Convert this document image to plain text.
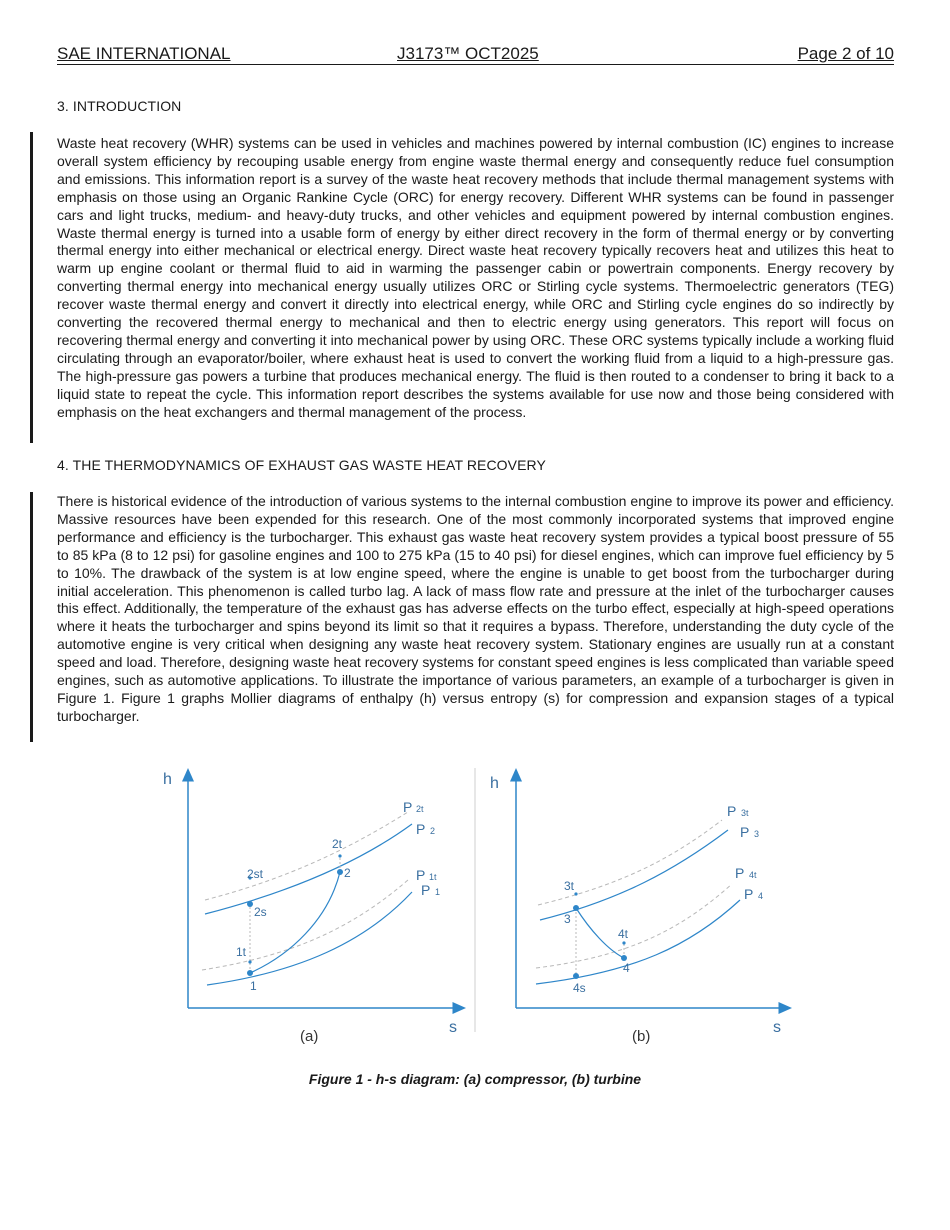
SAE INTERNATIONAL	J3173™ OCT2025	Page 2 of 10
3. INTRODUCTION

Waste heat recovery (WHR) systems can be used in vehicles and machines powered by internal combustion (IC) engines to increase overall system efficiency by recouping usable energy from engine waste thermal energy and consequently reduce fuel consumption and emissions. This information report is a survey of the waste heat recovery methods that include thermal management systems with emphasis on those using an Organic Rankine Cycle (ORC) for energy recovery. Different WHR systems can be found in passenger cars and light trucks, medium- and heavy-duty trucks, and other vehicles and equipment powered by internal combustion engines. Waste thermal energy is turned into a usable form of energy by either direct recovery in the form of thermal energy or by converting thermal energy into either mechanical or electrical energy. Direct waste heat recovery typically recovers heat and utilizes this heat to warm up engine coolant or thermal fluid to aid in warming the passenger cabin or powertrain components. Energy recovery by converting thermal energy into mechanical energy usually utilizes ORC or Stirling cycle systems. Thermoelectric generators (TEG) recover waste thermal energy and convert it directly into electrical energy, while ORC and Stirling cycle engines do so indirectly by converting the recovered thermal energy to mechanical and then to electric energy using generators. This report will focus on recovering thermal energy and converting it into mechanical power by using ORC. These ORC systems typically include a working fluid circulating through an evaporator/boiler, where exhaust heat is used to convert the working fluid from a liquid to a high-pressure gas. The high-pressure gas powers a turbine that produces mechanical energy. The fluid is then routed to a condenser to bring it back to a liquid state to repeat the cycle. This information report describes the systems available for use now and those being considered with emphasis on the heat exchangers and thermal management of the process.

4. THE THERMODYNAMICS OF EXHAUST GAS WASTE HEAT RECOVERY

There is historical evidence of the introduction of various systems to the internal combustion engine to improve its power and efficiency. Massive resources have been expended for this research. One of the most commonly incorporated systems that improved engine performance and efficiency is the turbocharger. This exhaust gas waste heat recovery system provides a typical boost pressure of 55 to 85 kPa (8 to 12 psi) for gasoline engines and 100 to 275 kPa (15 to 40 psi) for diesel engines, which can improve fuel efficiency by 5 to 10%. The drawback of the system is at low engine speed, where the engine is unable to get boost from the turbocharger during initial acceleration. This phenomenon is called turbo lag. A lack of mass flow rate and pressure at the inlet of the turbocharger causes this effect. Additionally, the temperature of the exhaust gas has adverse effects on the turbo effect, especially at high-speed operations where it heats the turbocharger and spins beyond its limit so that it requires a bypass. Therefore, understanding the duty cycle of the automotive engine is very critical when designing any waste heat recovery system. Stationary engines are usually run at a constant speed and load. Therefore, designing waste heat recovery systems for constant speed engines is less complicated than variable speed engines, such as automotive applications. To illustrate the importance of various parameters, an example of a turbocharger is given in Figure 1. Figure 1 graphs Mollier diagrams of enthalpy (h) versus entropy (s) for compression and expansion stages of a typical turbocharger.

h
s
P 2t
P 2
P 1t
P 1
2t
2st	2
2s
1t
1
(a)
h
s
P 3t
P 3
P 4t
P 4
3t
3
4t
4
4s
(b)
Figure 1 - h-s diagram: (a) compressor, (b) turbine
